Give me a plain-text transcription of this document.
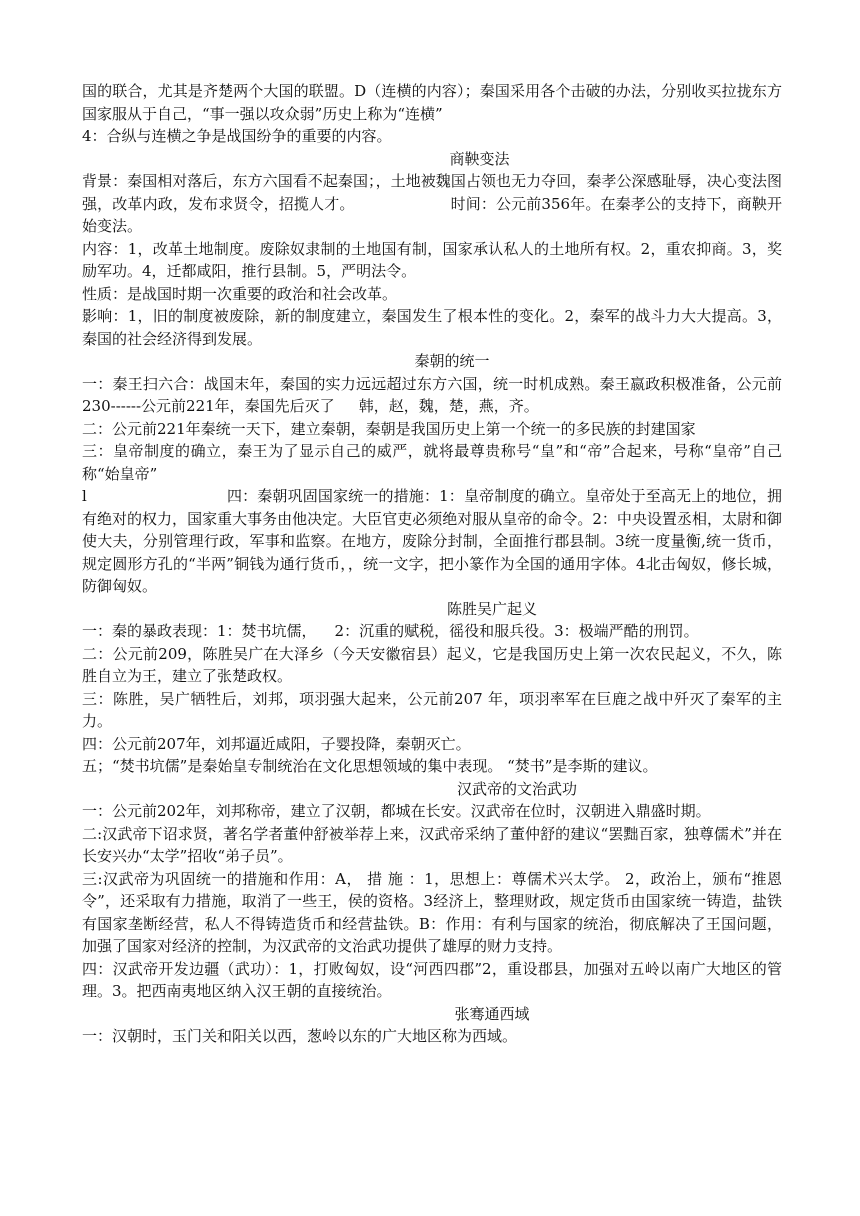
国的联合，尤其是齐楚两个大国的联盟。D（连横的内容）；秦国采用各个击破的办法，分别收买拉拢东方国家服从于自己，“事一强以攻众弱”历史上称为“连横”

4：合纵与连横之争是战国纷争的重要的内容。

商鞅变法

背景：秦国相对落后，东方六国看不起秦国；，土地被魏国占领也无力夺回，秦孝公深感耻辱，决心变法图强，改革内政，发布求贤令，招揽人才。	时间：公元前356年。在秦孝公的支持下，商鞅开始变法。

内容：1，改革土地制度。废除奴隶制的土地国有制，国家承认私人的土地所有权。2，重农抑商。3，奖励军功。4，迁都咸阳，推行县制。5，严明法令。

性质：是战国时期一次重要的政治和社会改革。

影响：1，旧的制度被废除，新的制度建立，秦国发生了根本性的变化。2，秦军的战斗力大大提高。3，秦国的社会经济得到发展。

秦朝的统一

一：秦王扫六合：战国末年，秦国的实力远远超过东方六国，统一时机成熟。秦王嬴政积极准备，公元前230------公元前221年，秦国先后灭了 韩，赵，魏，楚，燕，齐。

二：公元前221年秦统一天下，建立秦朝，秦朝是我国历史上第一个统一的多民族的封建国家

三：皇帝制度的确立，秦王为了显示自己的威严，就将最尊贵称号“皇”和“帝”合起来，号称“皇帝”自己称“始皇帝”

l	四：秦朝巩固国家统一的措施：1：皇帝制度的确立。皇帝处于至高无上的地位，拥有绝对的权力，国家重大事务由他决定。大臣官吏必须绝对服从皇帝的命令。2：中央设置丞相，太尉和御使大夫，分别管理行政，军事和监察。在地方，废除分封制，全面推行郡县制。3统一度量衡,统一货币，规定圆形方孔的“半两”铜钱为通行货币，，统一文字，把小篆作为全国的通用字体。4北击匈奴，修长城，防御匈奴。

陈胜吴广起义

一：秦的暴政表现：1：焚书坑儒， 2：沉重的赋税，徭役和服兵役。3：极端严酷的刑罚。

二：公元前209，陈胜吴广在大泽乡（今天安徽宿县）起义，它是我国历史上第一次农民起义，不久，陈胜自立为王，建立了张楚政权。

三：陈胜，吴广牺牲后，刘邦，项羽强大起来，公元前207 年，项羽率军在巨鹿之战中歼灭了秦军的主力。

四：公元前207年，刘邦逼近咸阳，子婴投降，秦朝灭亡。

五；“焚书坑儒”是秦始皇专制统治在文化思想领域的集中表现。 “焚书”是李斯的建议。

汉武帝的文治武功

一：公元前202年，刘邦称帝，建立了汉朝，都城在长安。汉武帝在位时，汉朝进入鼎盛时期。

二:汉武帝下诏求贤，著名学者董仲舒被举荐上来，汉武帝采纳了董仲舒的建议“罢黜百家，独尊儒术”并在长安兴办“太学”招收“弟子员”。

三:汉武帝为巩固统一的措施和作用：A， 措 施 ：1，思想上：尊儒术兴太学。 2，政治上，颁布“推恩令”，还采取有力措施，取消了一些王，侯的资格。3经济上，整理财政，规定货币由国家统一铸造，盐铁有国家垄断经营，私人不得铸造货币和经营盐铁。B：作用：有利与国家的统治，彻底解决了王国问题，加强了国家对经济的控制，为汉武帝的文治武功提供了雄厚的财力支持。

四：汉武帝开发边疆（武功）：1，打败匈奴，设“河西四郡”2，重设郡县，加强对五岭以南广大地区的管理。3。把西南夷地区纳入汉王朝的直接统治。

张骞通西域

一：汉朝时，玉门关和阳关以西，葱岭以东的广大地区称为西域。
